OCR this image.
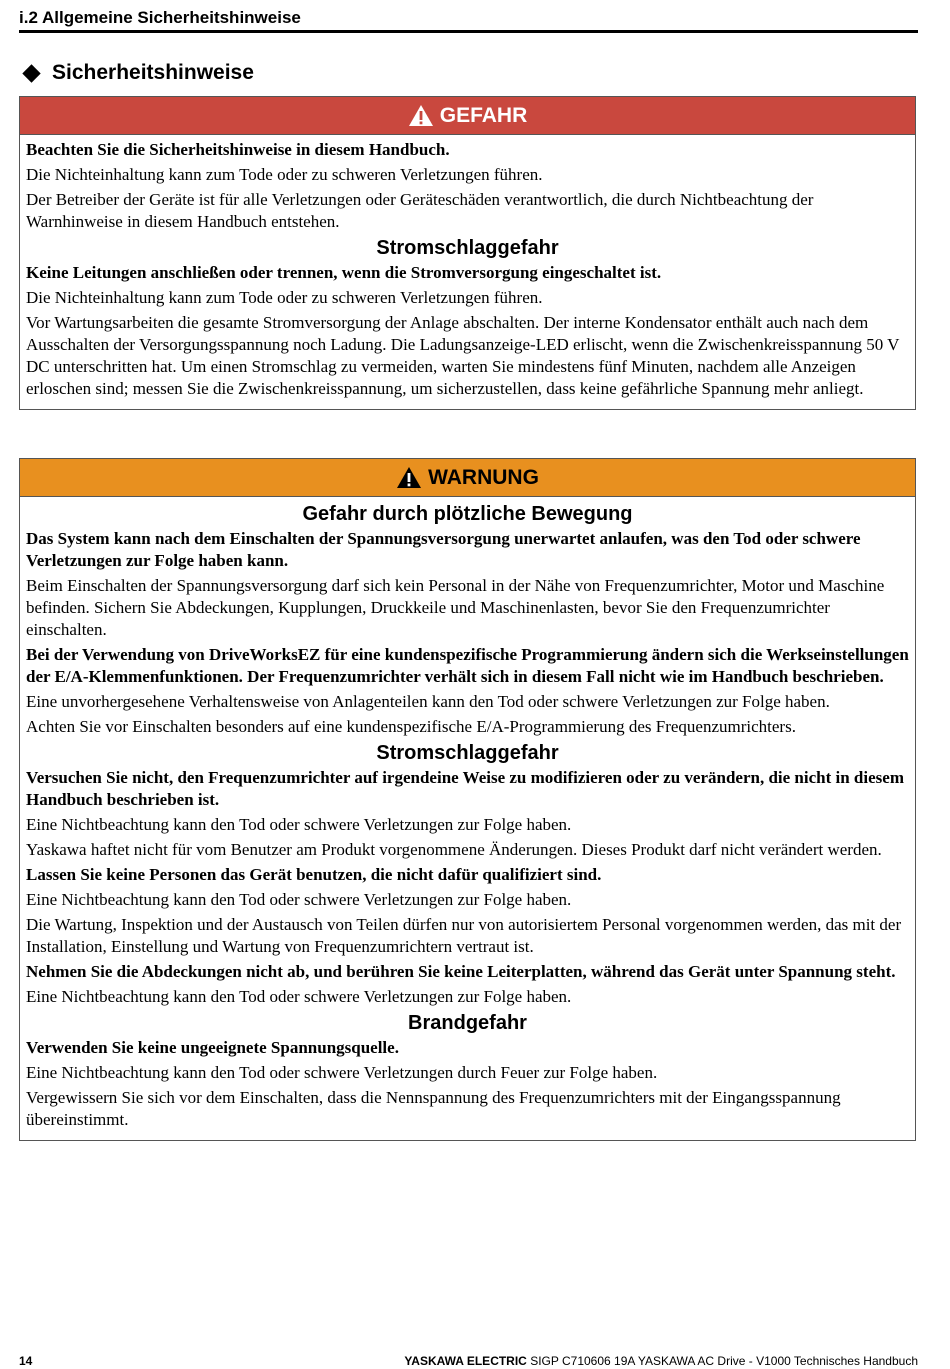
i.2 Allgemeine Sicherheitshinweise
Sicherheitshinweise
GEFAHR

Beachten Sie die Sicherheitshinweise in diesem Handbuch.

Die Nichteinhaltung kann zum Tode oder zu schweren Verletzungen führen.

Der Betreiber der Geräte ist für alle Verletzungen oder Geräteschäden verantwortlich, die durch Nichtbeachtung der Warnhinweise in diesem Handbuch entstehen.

Stromschlaggefahr

Keine Leitungen anschließen oder trennen, wenn die Stromversorgung eingeschaltet ist.

Die Nichteinhaltung kann zum Tode oder zu schweren Verletzungen führen.

Vor Wartungsarbeiten die gesamte Stromversorgung der Anlage abschalten. Der interne Kondensator enthält auch nach dem Ausschalten der Versorgungsspannung noch Ladung. Die Ladungsanzeige-LED erlischt, wenn die Zwischenkreisspannung 50 V DC unterschritten hat. Um einen Stromschlag zu vermeiden, warten Sie mindestens fünf Minuten, nachdem alle Anzeigen erloschen sind; messen Sie die Zwischenkreisspannung, um sicherzustellen, dass keine gefährliche Spannung mehr anliegt.

WARNUNG
Gefahr durch plötzliche Bewegung

Das System kann nach dem Einschalten der Spannungsversorgung unerwartet anlaufen, was den Tod oder schwere Verletzungen zur Folge haben kann.

Beim Einschalten der Spannungsversorgung darf sich kein Personal in der Nähe von Frequenzumrichter, Motor und Maschine befinden. Sichern Sie Abdeckungen, Kupplungen, Druckkeile und Maschinenlasten, bevor Sie den Frequenzumrichter einschalten.

Bei der Verwendung von DriveWorksEZ für eine kundenspezifische Programmierung ändern sich die Werkseinstellungen der E/A-Klemmenfunktionen. Der Frequenzumrichter verhält sich in diesem Fall nicht wie im Handbuch beschrieben.

Eine unvorhergesehene Verhaltensweise von Anlagenteilen kann den Tod oder schwere Verletzungen zur Folge haben.

Achten Sie vor Einschalten besonders auf eine kundenspezifische E/A-Programmierung des Frequenzumrichters.

Stromschlaggefahr

Versuchen Sie nicht, den Frequenzumrichter auf irgendeine Weise zu modifizieren oder zu verändern, die nicht in diesem Handbuch beschrieben ist.

Eine Nichtbeachtung kann den Tod oder schwere Verletzungen zur Folge haben.

Yaskawa haftet nicht für vom Benutzer am Produkt vorgenommene Änderungen. Dieses Produkt darf nicht verändert werden.

Lassen Sie keine Personen das Gerät benutzen, die nicht dafür qualifiziert sind.

Eine Nichtbeachtung kann den Tod oder schwere Verletzungen zur Folge haben.

Die Wartung, Inspektion und der Austausch von Teilen dürfen nur von autorisiertem Personal vorgenommen werden, das mit der Installation, Einstellung und Wartung von Frequenzumrichtern vertraut ist.

Nehmen Sie die Abdeckungen nicht ab, und berühren Sie keine Leiterplatten, während das Gerät unter Spannung steht.

Eine Nichtbeachtung kann den Tod oder schwere Verletzungen zur Folge haben.

Brandgefahr

Verwenden Sie keine ungeeignete Spannungsquelle.

Eine Nichtbeachtung kann den Tod oder schwere Verletzungen durch Feuer zur Folge haben.

Vergewissern Sie sich vor dem Einschalten, dass die Nennspannung des Frequenzumrichters mit der Eingangsspannung übereinstimmt.

14	YASKAWA ELECTRIC SIGP C710606 19A YASKAWA AC Drive - V1000 Technisches Handbuch
